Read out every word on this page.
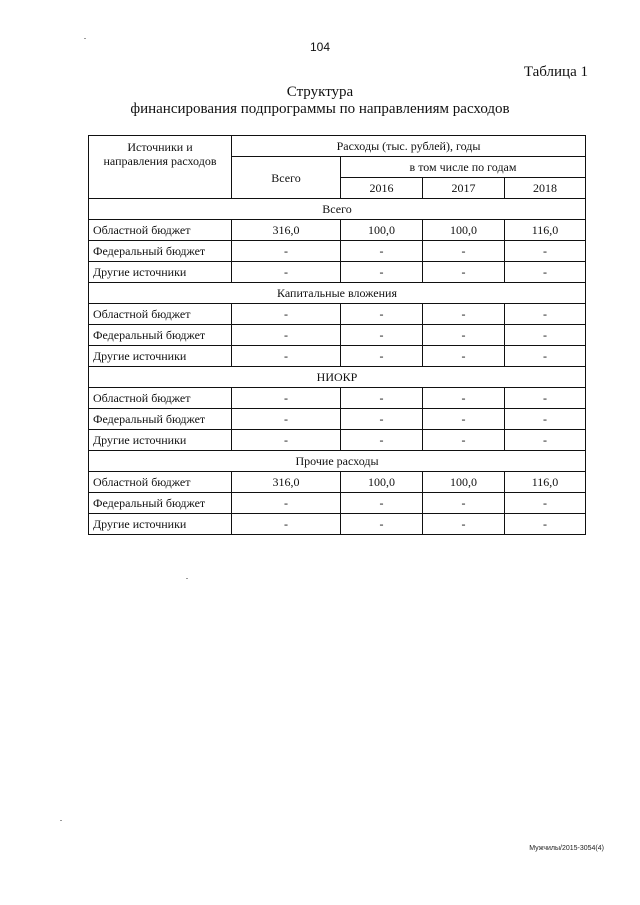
104
Таблица 1
Структура
финансирования подпрограммы по направлениям расходов
Источники и
направления расходов	Расходы (тыс. рублей), годы			
	Всего	в том числе по годам		
		2016	2017	2018
Всего				
Областной бюджет	316,0	100,0	100,0	116,0
Федеральный бюджет	-	-	-	-
Другие источники	-	-	-	-
Капитальные вложения				
Областной бюджет	-	-	-	-
Федеральный бюджет	-	-	-	-
Другие источники	-	-	-	-
НИОКР				
Областной бюджет	-	-	-	-
Федеральный бюджет	-	-	-	-
Другие источники	-	-	-	-
Прочие расходы				
Областной бюджет	316,0	100,0	100,0	116,0
Федеральный бюджет	-	-	-	-
Другие источники	-	-	-	-
Мужчилы/2015-3054(4)
